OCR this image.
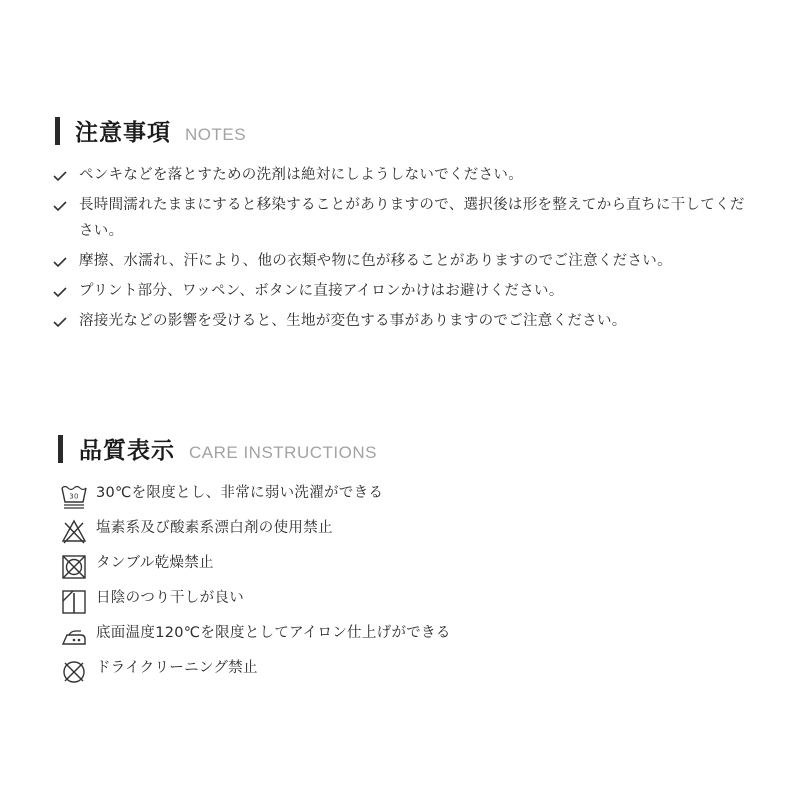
注意事項 NOTES
ペンキなどを落とすための洗剤は絶対にしようしないでください。
長時間濡れたままにすると移染することがありますので、選択後は形を整えてから直ちに干してください。
摩擦、水濡れ、汗により、他の衣類や物に色が移ることがありますのでご注意ください。
プリント部分、ワッペン、ボタンに直接アイロンかけはお避けください。
溶接光などの影響を受けると、生地が変色する事がありますのでご注意ください。
品質表示 CARE INSTRUCTIONS
30 30℃を限度とし、非常に弱い洗濯ができる
塩素系及び酸素系漂白剤の使用禁止
タンブル乾燥禁止
日陰のつり干しが良い
底面温度120℃を限度としてアイロン仕上げができる
ドライクリーニング禁止
